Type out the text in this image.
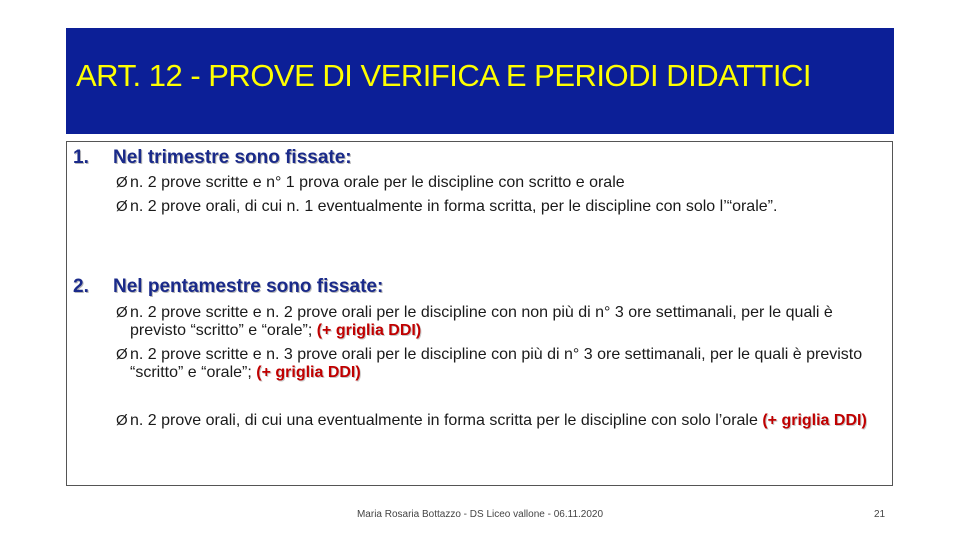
ART. 12 - PROVE DI VERIFICA E PERIODI DIDATTICI
1. Nel trimestre sono fissate:
Ø n. 2 prove scritte e n° 1 prova orale per le discipline con scritto e orale
Ø n. 2 prove orali, di cui n. 1 eventualmente in forma scritta, per le discipline con solo l’“orale”.
2. Nel pentamestre sono fissate:
Ø n. 2 prove scritte e n. 2 prove orali per le discipline con non più di n° 3 ore settimanali, per le quali è previsto “scritto” e “orale”; (+ griglia DDI)
Ø n. 2 prove scritte e n. 3 prove orali per le discipline con più di n° 3 ore settimanali, per le quali è previsto “scritto” e “orale”; (+ griglia DDI)
Ø n. 2 prove orali, di cui una eventualmente in forma scritta per le discipline con solo l’orale (+ griglia DDI)
Maria Rosaria Bottazzo - DS Liceo vallone - 06.11.2020	21
